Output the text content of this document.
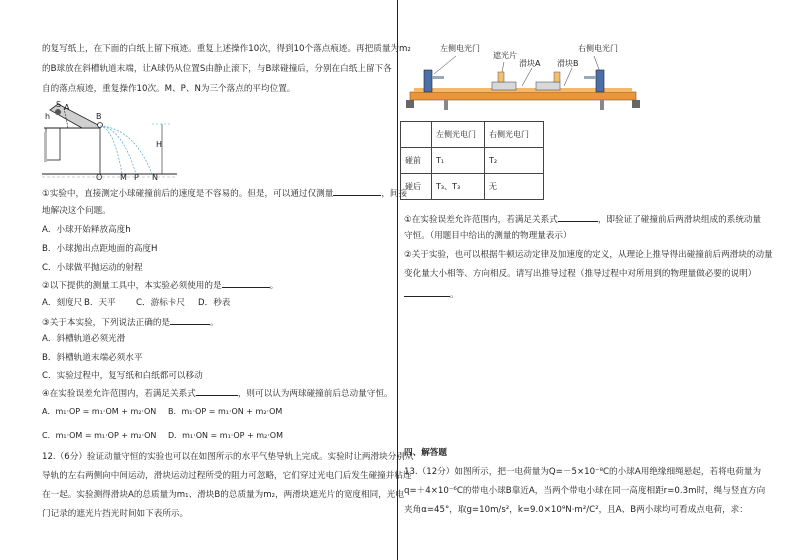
的复写纸上，在下面的白纸上留下痕迹。重复上述操作10次，得到10个落点痕迹。再把质量为m₂
的B球放在斜槽轨道末端，让A球仍从位置S由静止滚下，与B球碰撞后，分别在白纸上留下各
自的落点痕迹，重复操作10次。M、P、N为三个落点的平均位置。
S A
h	B
H
O M P N
①实验中，直接测定小球碰撞前后的速度是不容易的。但是，可以通过仅测量	，间接
地解决这个问题。
A．小球开始释放高度h
B．小球抛出点距地面的高度H
C．小球做平抛运动的射程
②以下提供的测量工具中，本实验必须使用的是	。
A．刻度尺 B．天平 C．游标卡尺 D．秒表
③关于本实验，下列说法正确的是	。
A．斜槽轨道必须光滑
B．斜槽轨道末端必须水平
C．实验过程中，复写纸和白纸都可以移动
④在实验误差允许范围内，若满足关系式	，则可以认为两球碰撞前后总动量守恒。
A．m₁·OP = m₁·OM + m₂·ON B．m₁·OP = m₁·ON + m₂·OM
C．m₁·OM = m₁·OP + m₂·ON D．m₁·ON = m₁·OP + m₂·OM
12.（6分）验证动量守恒的实验也可以在如图所示的水平气垫导轨上完成。实验时让两滑块分别从
导轨的左右两侧向中间运动，滑块运动过程所受的阻力可忽略，它们穿过光电门后发生碰撞并粘连
在一起。实验测得滑块A的总质量为m₁、滑块B的总质量为m₂，两滑块遮光片的宽度相同，光电
门记录的遮光片挡光时间如下表所示。
左侧电光门	右侧电光门
遮光片
滑块A 滑块B
	左侧光电门	右侧光电门
碰前	T₁	T₂
碰后	T₃、T₃	无
①在实验误差允许范围内，若满足关系式	，即验证了碰撞前后两滑块组成的系统动量
守恒。（用题目中给出的测量的物理量表示）
②关于实验，也可以根据牛顿运动定律及加速度的定义，从理论上推导得出碰撞前后两滑块的动量
变化量大小相等、方向相反。请写出推导过程（推导过程中对所用到的物理量做必要的说明）
。
四、解答题
13.（12分）如图所示，把一电荷量为Q=－5×10⁻⁸C的小球A用绝缘细绳悬起，若将电荷量为
q=＋4×10⁻⁶C的带电小球B靠近A，当两个带电小球在同一高度相距r=0.3m时，绳与竖直方向
夹角α=45°，取g=10m/s²，k=9.0×10⁹N·m²/C²，且A、B两小球均可看成点电荷，求：
